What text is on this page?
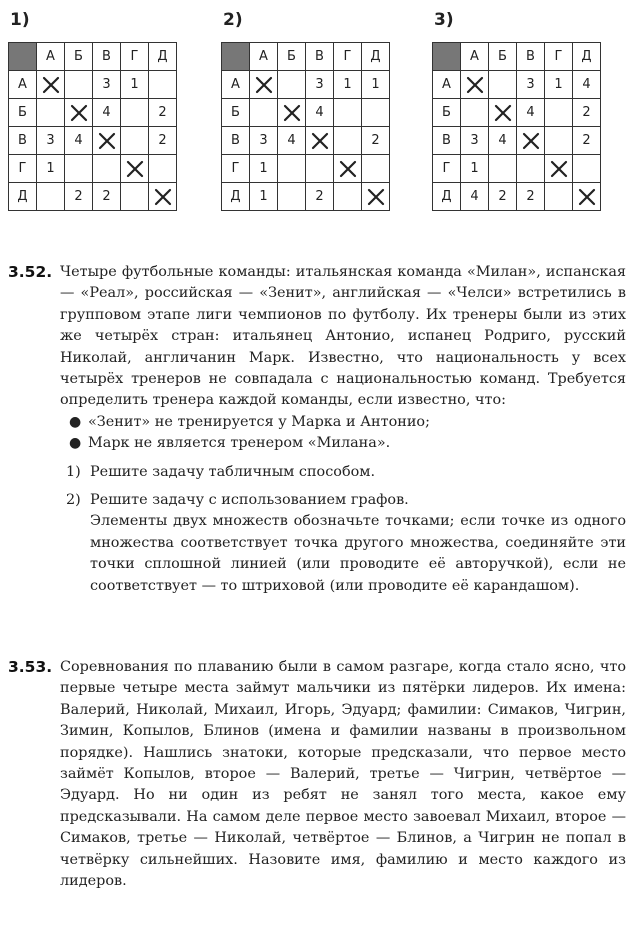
1)
	А	Б	В	Г	Д
А			3	1	
Б			4		2
В	3	4			2
Г	1			

Д		2	2		
2)
	А	Б	В	Г	Д
А			3	1	1
Б			4		
В	3	4			2
Г	1			

Д	1		2		
3)
	А	Б	В	Г	Д
А			3	1	4
Б			4		2
В	3	4			2
Г	1			

Д	4	2	2		
3.52. Четыре футбольные команды: итальянская команда «Милан», испанская — «Реал», российская — «Зенит», английская — «Челси» встретились в групповом этапе лиги чемпионов по футболу. Их тренеры были из этих же четырёх стран: итальянец Антонио, испанец Родриго, русский Николай, англичанин Марк. Известно, что национальность у всех четырёх тренеров не совпадала с национальностью команд. Требуется определить тренера каждой команды, если известно, что:

● «Зенит» не тренируется у Марка и Антонио;
● Марк не является тренером «Милана».
1) Решите задачу табличным способом.
2) Решите задачу с использованием графов.

Элементы двух множеств обозначьте точками; если точке из одного множества соответствует точка другого множества, соединяйте эти точки сплошной линией (или проводите её авторучкой), если не соответствует — то штриховой (или проводите её карандашом).

3.53. Соревнования по плаванию были в самом разгаре, когда стало ясно, что первые четыре места займут мальчики из пятёрки лидеров. Их имена: Валерий, Николай, Михаил, Игорь, Эдуард; фамилии: Симаков, Чигрин, Зимин, Копылов, Блинов (имена и фамилии названы в произвольном порядке). Нашлись знатоки, которые предсказали, что первое место займёт Копылов, второе — Валерий, третье — Чигрин, четвёртое — Эдуард. Но ни один из ребят не занял того места, какое ему предсказывали. На самом деле первое место завоевал Михаил, второе — Симаков, третье — Николай, четвёртое — Блинов, а Чигрин не попал в четвёрку сильнейших. Назовите имя, фамилию и место каждого из лидеров.
